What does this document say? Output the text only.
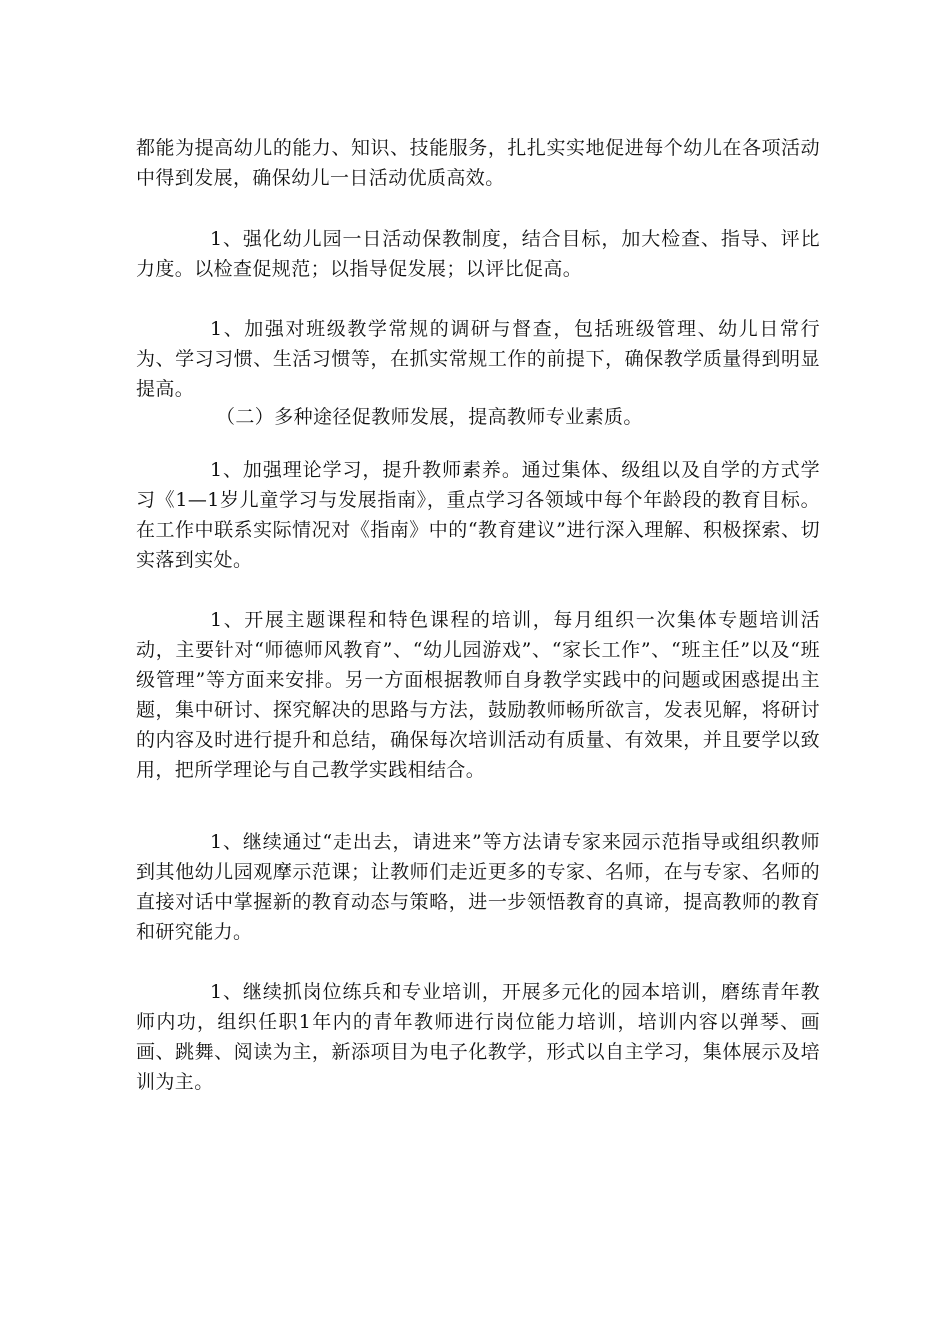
都能为提高幼儿的能力、知识、技能服务，扎扎实实地促进每个幼儿在各项活动中得到发展，确保幼儿一日活动优质高效。

1、强化幼儿园一日活动保教制度，结合目标，加大检查、指导、评比力度。以检查促规范；以指导促发展；以评比促高。

1、加强对班级教学常规的调研与督查，包括班级管理、幼儿日常行为、学习习惯、生活习惯等，在抓实常规工作的前提下，确保教学质量得到明显提高。

（二）多种途径促教师发展，提高教师专业素质。

1、加强理论学习，提升教师素养。通过集体、级组以及自学的方式学习《1—1岁儿童学习与发展指南》，重点学习各领域中每个年龄段的教育目标。在工作中联系实际情况对《指南》中的“教育建议”进行深入理解、积极探索、切实落到实处。

1、开展主题课程和特色课程的培训，每月组织一次集体专题培训活动，主要针对“师德师风教育”、“幼儿园游戏”、“家长工作”、“班主任”以及“班级管理”等方面来安排。另一方面根据教师自身教学实践中的问题或困惑提出主题，集中研讨、探究解决的思路与方法，鼓励教师畅所欲言，发表见解，将研讨的内容及时进行提升和总结，确保每次培训活动有质量、有效果，并且要学以致用，把所学理论与自己教学实践相结合。

1、继续通过“走出去，请进来”等方法请专家来园示范指导或组织教师到其他幼儿园观摩示范课；让教师们走近更多的专家、名师，在与专家、名师的直接对话中掌握新的教育动态与策略，进一步领悟教育的真谛，提高教师的教育和研究能力。

1、继续抓岗位练兵和专业培训，开展多元化的园本培训，磨练青年教师内功，组织任职1年内的青年教师进行岗位能力培训，培训内容以弹琴、画画、跳舞、阅读为主，新添项目为电子化教学，形式以自主学习，集体展示及培训为主。
